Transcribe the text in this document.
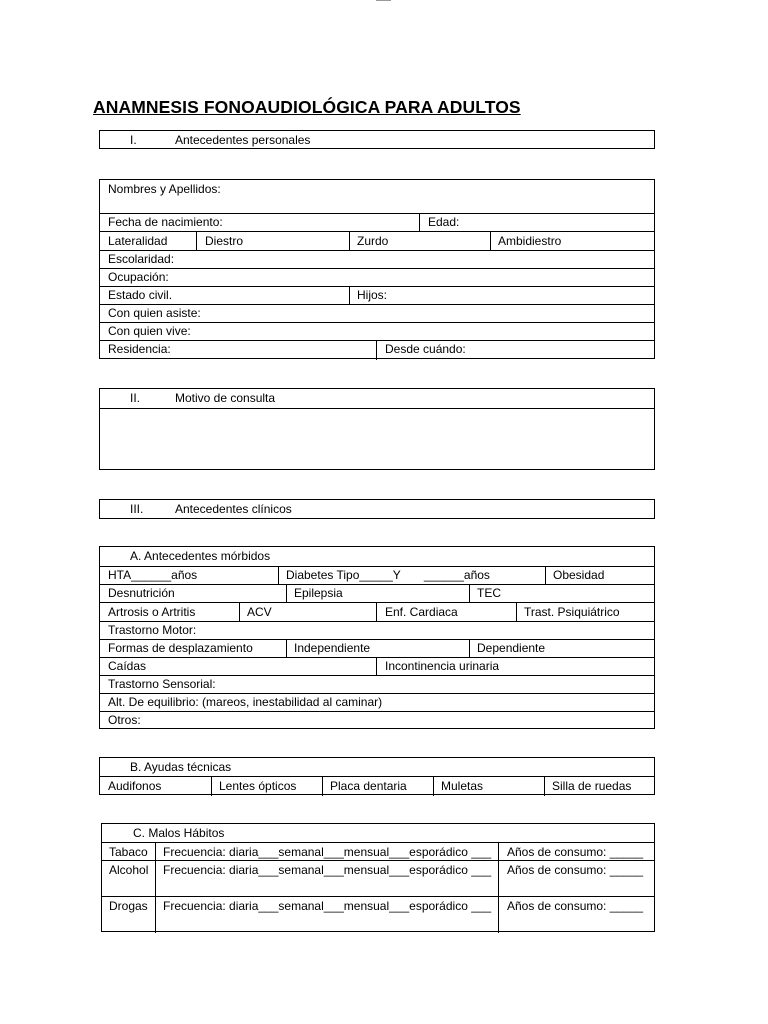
ANAMNESIS FONOAUDIOLÓGICA PARA ADULTOS
I.	Antecedentes personales
Nombres y Apellidos:
Fecha de nacimiento:	Edad:
Lateralidad	Diestro	Zurdo	Ambidiestro
Escolaridad:
Ocupación:
Estado civil.	Hijos:
Con quien asiste:
Con quien vive:
Residencia:	Desde cuándo:
II.	Motivo de consulta
III.	Antecedentes clínicos
A. Antecedentes mórbidos
HTA______años	Diabetes Tipo_____Y       ______años	Obesidad
Desnutrición	Epilepsia	TEC
Artrosis o Artritis	ACV	Enf. Cardiaca	Trast. Psiquiátrico
Trastorno Motor:
Formas de desplazamiento	Independiente	Dependiente
Caídas	Incontinencia urinaria
Trastorno Sensorial:
Alt. De equilibrio: (mareos, inestabilidad al caminar)
Otros:
B. Ayudas técnicas
Audifonos	Lentes ópticos	Placa dentaria	Muletas	Silla de ruedas
C. Malos Hábitos
Tabaco Frecuencia: diaria___semanal___mensual___esporádico ___ Años de consumo: _____
Alcohol Frecuencia: diaria___semanal___mensual___esporádico ___ Años de consumo: _____
Drogas Frecuencia: diaria___semanal___mensual___esporádico ___ Años de consumo: _____
